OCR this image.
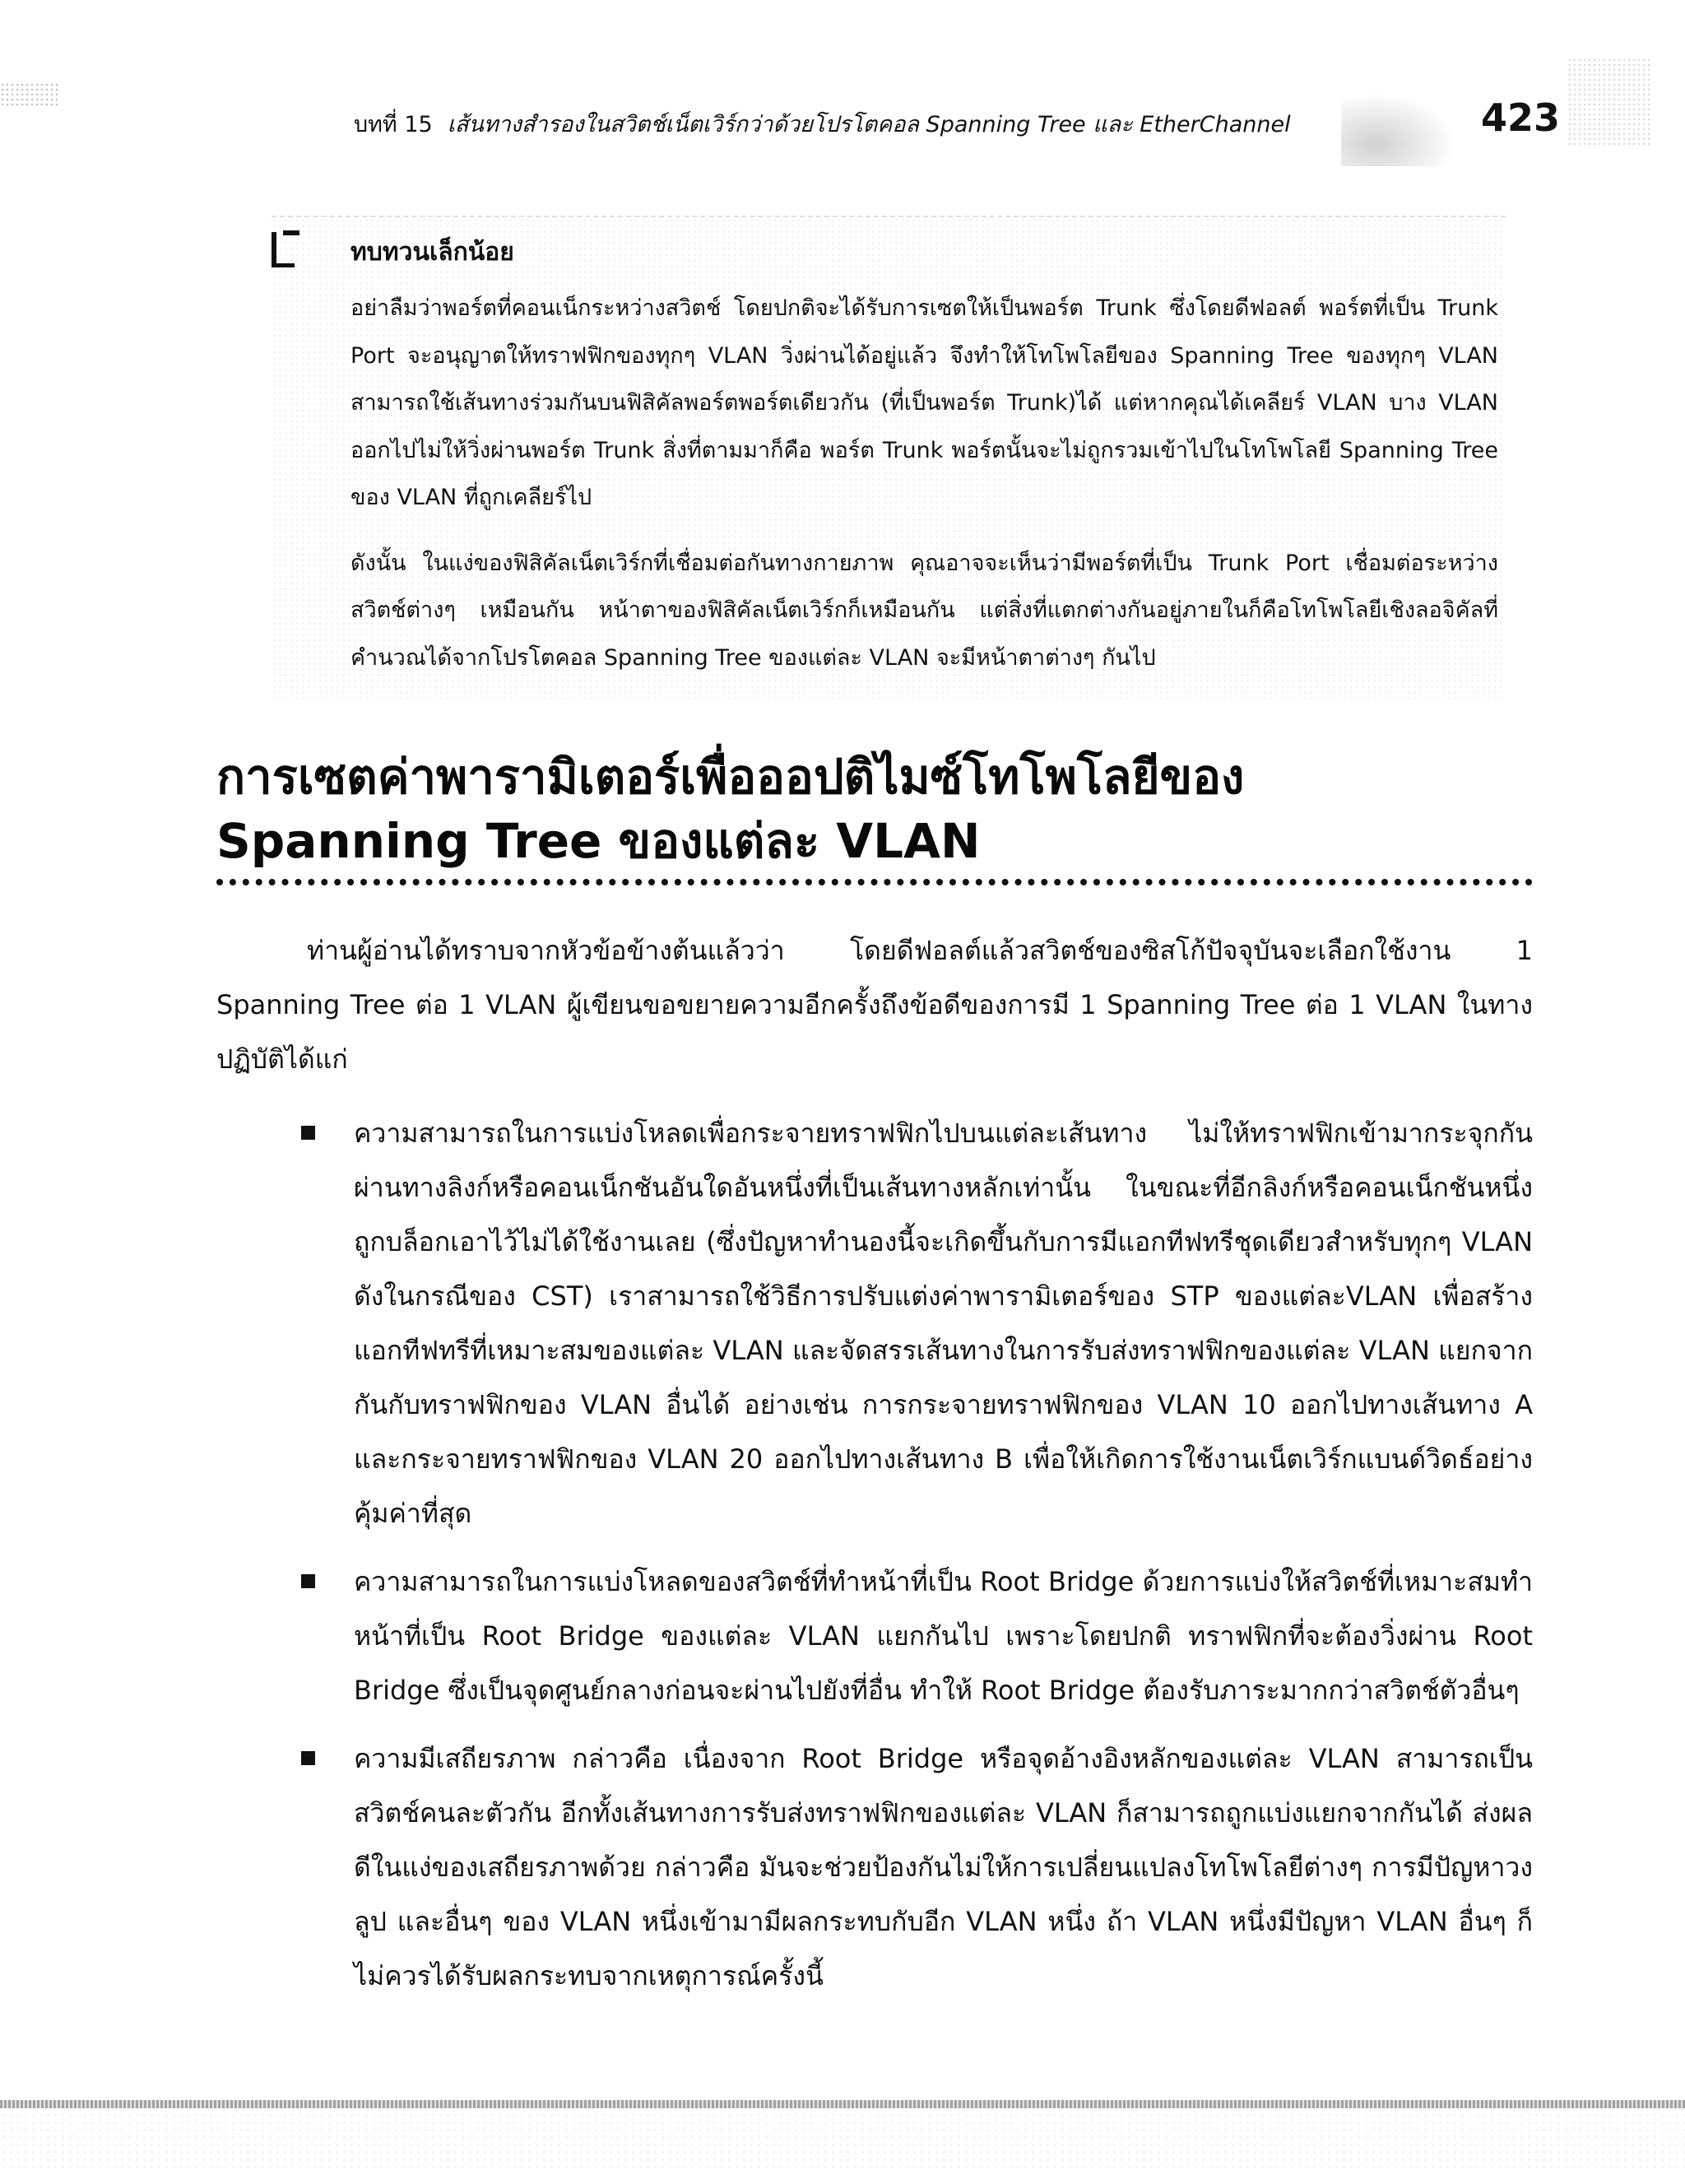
บทที่ 15 เส้นทางสำรองในสวิตช์เน็ตเวิร์กว่าด้วยโปรโตคอล Spanning Tree และ EtherChannel	423
ทบทวนเล็กน้อย

อย่าลืมว่าพอร์ตที่คอนเน็กระหว่างสวิตช์ โดยปกติจะได้รับการเซตให้เป็นพอร์ต Trunk ซึ่งโดยดีฟอลต์ พอร์ตที่เป็น Trunk Port จะอนุญาตให้ทราฟฟิกของทุกๆ VLAN วิ่งผ่านได้อยู่แล้ว จึงทำให้โทโพโลยีของ Spanning Tree ของทุกๆ VLAN สามารถใช้เส้นทางร่วมกันบนฟิสิคัลพอร์ตพอร์ตเดียวกัน (ที่เป็นพอร์ต Trunk)ได้ แต่หากคุณได้เคลียร์ VLAN บาง VLAN ออกไปไม่ให้วิ่งผ่านพอร์ต Trunk สิ่งที่ตามมาก็คือ พอร์ต Trunk พอร์ตนั้นจะไม่ถูกรวมเข้าไปในโทโพโลยี Spanning Tree ของ VLAN ที่ถูกเคลียร์ไป

ดังนั้น ในแง่ของฟิสิคัลเน็ตเวิร์กที่เชื่อมต่อกันทางกายภาพ คุณอาจจะเห็นว่ามีพอร์ตที่เป็น Trunk Port เชื่อมต่อระหว่างสวิตช์ต่างๆ เหมือนกัน หน้าตาของฟิสิคัลเน็ตเวิร์กก็เหมือนกัน แต่สิ่งที่แตกต่างกันอยู่ภายในก็คือโทโพโลยีเชิงลอจิคัลที่คำนวณได้จากโปรโตคอล Spanning Tree ของแต่ละ VLAN จะมีหน้าตาต่างๆ กันไป

การเซตค่าพารามิเตอร์เพื่อออปติไมซ์โทโพโลยีของ
Spanning Tree ของแต่ละ VLAN

ท่านผู้อ่านได้ทราบจากหัวข้อข้างต้นแล้วว่า โดยดีฟอลต์แล้วสวิตช์ของซิสโก้ปัจจุบันจะเลือกใช้งาน 1 Spanning Tree ต่อ 1 VLAN ผู้เขียนขอขยายความอีกครั้งถึงข้อดีของการมี 1 Spanning Tree ต่อ 1 VLAN ในทางปฏิบัติได้แก่

ความสามารถในการแบ่งโหลดเพื่อกระจายทราฟฟิกไปบนแต่ละเส้นทาง ไม่ให้ทราฟฟิกเข้ามากระจุกกันผ่านทางลิงก์หรือคอนเน็กชันอันใดอันหนึ่งที่เป็นเส้นทางหลักเท่านั้น ในขณะที่อีกลิงก์หรือคอนเน็กชันหนึ่งถูกบล็อกเอาไว้ไม่ได้ใช้งานเลย (ซึ่งปัญหาทำนองนี้จะเกิดขึ้นกับการมีแอกทีฟทรีชุดเดียวสำหรับทุกๆ VLAN ดังในกรณีของ CST) เราสามารถใช้วิธีการปรับแต่งค่าพารามิเตอร์ของ STP ของแต่ละVLAN เพื่อสร้างแอกทีฟทรีที่เหมาะสมของแต่ละ VLAN และจัดสรรเส้นทางในการรับส่งทราฟฟิกของแต่ละ VLAN แยกจากกันกับทราฟฟิกของ VLAN อื่นได้ อย่างเช่น การกระจายทราฟฟิกของ VLAN 10 ออกไปทางเส้นทาง A และกระจายทราฟฟิกของ VLAN 20 ออกไปทางเส้นทาง B เพื่อให้เกิดการใช้งานเน็ตเวิร์กแบนด์วิดธ์อย่างคุ้มค่าที่สุด
ความสามารถในการแบ่งโหลดของสวิตช์ที่ทำหน้าที่เป็น Root Bridge ด้วยการแบ่งให้สวิตช์ที่เหมาะสมทำหน้าที่เป็น Root Bridge ของแต่ละ VLAN แยกกันไป เพราะโดยปกติ ทราฟฟิกที่จะต้องวิ่งผ่าน Root Bridge ซึ่งเป็นจุดศูนย์กลางก่อนจะผ่านไปยังที่อื่น ทำให้ Root Bridge ต้องรับภาระมากกว่าสวิตช์ตัวอื่นๆ
ความมีเสถียรภาพ กล่าวคือ เนื่องจาก Root Bridge หรือจุดอ้างอิงหลักของแต่ละ VLAN สามารถเป็นสวิตช์คนละตัวกัน อีกทั้งเส้นทางการรับส่งทราฟฟิกของแต่ละ VLAN ก็สามารถถูกแบ่งแยกจากกันได้ ส่งผลดีในแง่ของเสถียรภาพด้วย กล่าวคือ มันจะช่วยป้องกันไม่ให้การเปลี่ยนแปลงโทโพโลยีต่างๆ การมีปัญหาวงลูป และอื่นๆ ของ VLAN หนึ่งเข้ามามีผลกระทบกับอีก VLAN หนึ่ง ถ้า VLAN หนึ่งมีปัญหา VLAN อื่นๆ ก็ไม่ควรได้รับผลกระทบจากเหตุการณ์ครั้งนี้
